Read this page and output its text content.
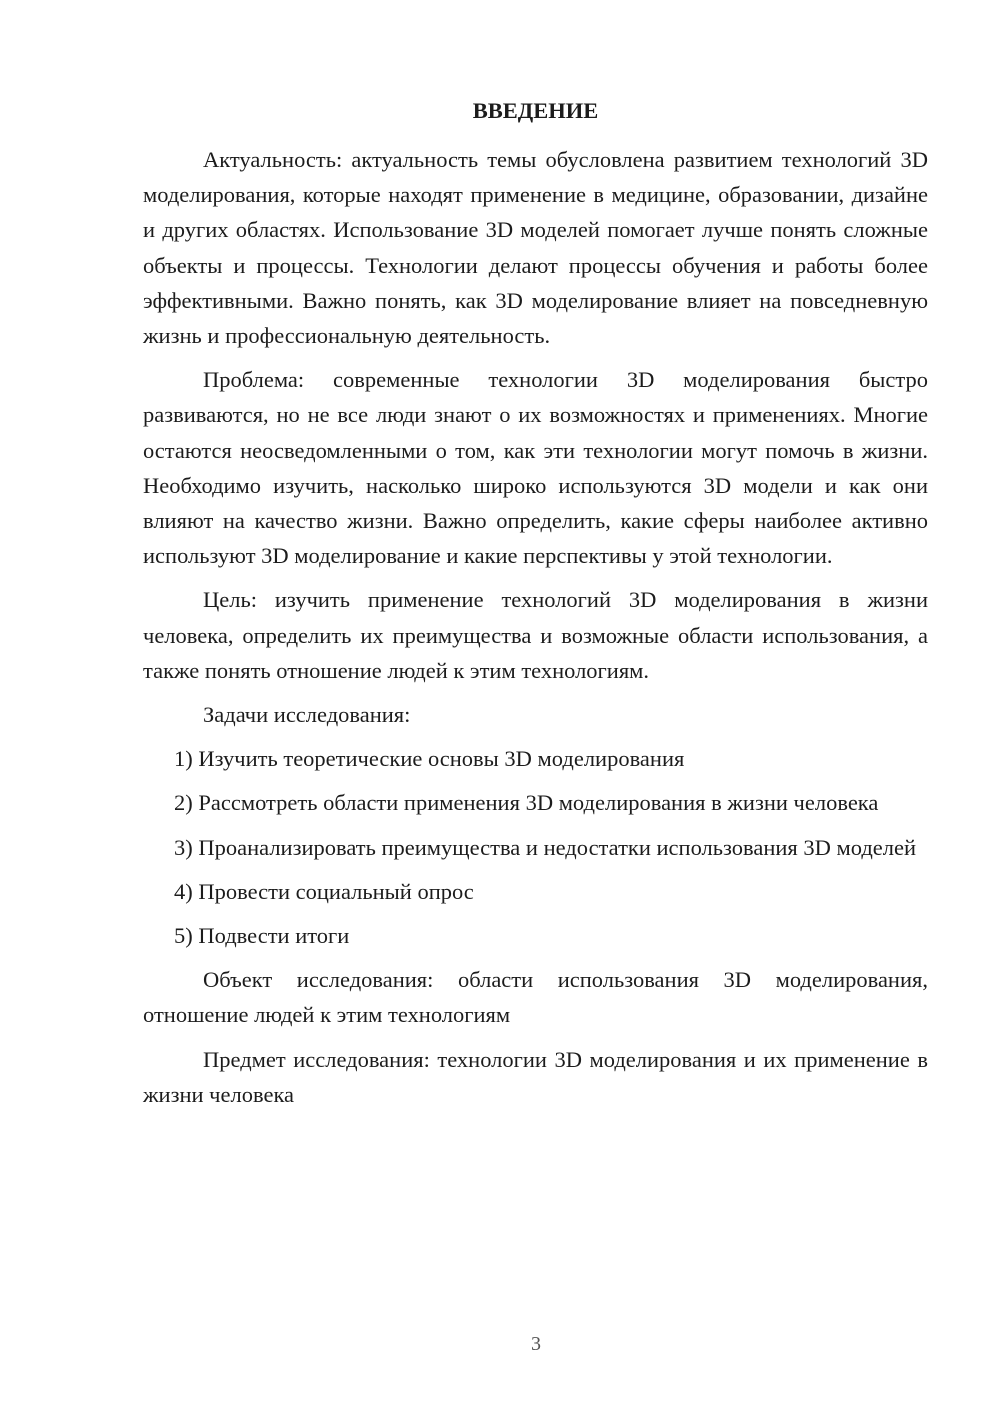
ВВЕДЕНИЕ

Актуальность: актуальность темы обусловлена развитием технологий 3D моделирования, которые находят применение в медицине, образовании, дизайне и других областях. Использование 3D моделей помогает лучше понять сложные объекты и процессы. Технологии делают процессы обучения и работы более эффективными. Важно понять, как 3D моделирование влияет на повседневную жизнь и профессиональную деятельность.

Проблема: современные технологии 3D моделирования быстро развиваются, но не все люди знают о их возможностях и применениях. Многие остаются неосведомленными о том, как эти технологии могут помочь в жизни. Необходимо изучить, насколько широко используются 3D модели и как они влияют на качество жизни. Важно определить, какие сферы наиболее активно используют 3D моделирование и какие перспективы у этой технологии.

Цель: изучить применение технологий 3D моделирования в жизни человека, определить их преимущества и возможные области использования, а также понять отношение людей к этим технологиям.

Задачи исследования:

1) Изучить теоретические основы 3D моделирования

2) Рассмотреть области применения 3D моделирования в жизни человека

3) Проанализировать преимущества и недостатки использования 3D моделей

4) Провести социальный опрос

5) Подвести итоги

Объект исследования: области использования 3D моделирования, отношение людей к этим технологиям

Предмет исследования: технологии 3D моделирования и их применение в жизни человека

3
